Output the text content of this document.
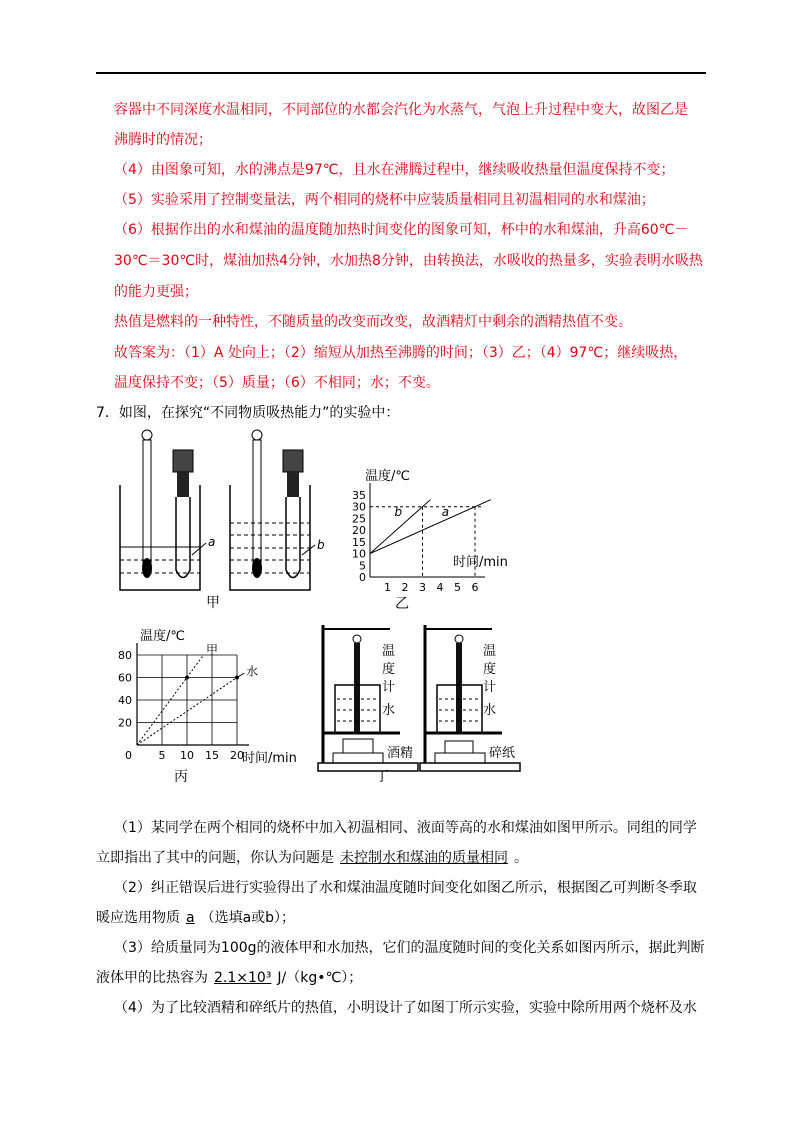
容器中不同深度水温相同，不同部位的水都会汽化为水蒸气，气泡上升过程中变大，故图乙是
沸腾时的情况；
（4）由图象可知，水的沸点是97℃，且水在沸腾过程中，继续吸收热量但温度保持不变；
（5）实验采用了控制变量法，两个相同的烧杯中应装质量相同且初温相同的水和煤油；
（6）根据作出的水和煤油的温度随加热时间变化的图象可知，杯中的水和煤油，升高60℃－
30℃＝30℃时，煤油加热4分钟，水加热8分钟，由转换法，水吸收的热量多，实验表明水吸热
的能力更强；
热值是燃料的一种特性，不随质量的改变而改变，故酒精灯中剩余的酒精热值不变。
故答案为：（1）A 处向上；（2）缩短从加热至沸腾的时间；（3）乙；（4）97℃；继续吸热，
温度保持不变；（5）质量；（6）不相同；水；不变。
7．如图，在探究“不同物质吸热能力”的实验中：
a
甲
b
0
5
10
15
20
25
30
35
1 2 3 4 5 6
b	a
温度/℃
时间/min
乙
0
20
40
60
80
5 10 15 20
甲
水
温度/℃
时间/min
丙
温
度
计
水
酒精
丁
温
度
计
水
碎纸
（1）某同学在两个相同的烧杯中加入初温相同、液面等高的水和煤油如图甲所示。同组的同学
立即指出了其中的问题，你认为问题是 未控制水和煤油的质量相同 。
（2）纠正错误后进行实验得出了水和煤油温度随时间变化如图乙所示，根据图乙可判断冬季取
暖应选用物质 a （选填a或b）；
（3）给质量同为100g的液体甲和水加热，它们的温度随时间的变化关系如图丙所示，据此判断
液体甲的比热容为 2.1×10³ J/（kg•℃）；
（4）为了比较酒精和碎纸片的热值，小明设计了如图丁所示实验，实验中除所用两个烧杯及水
